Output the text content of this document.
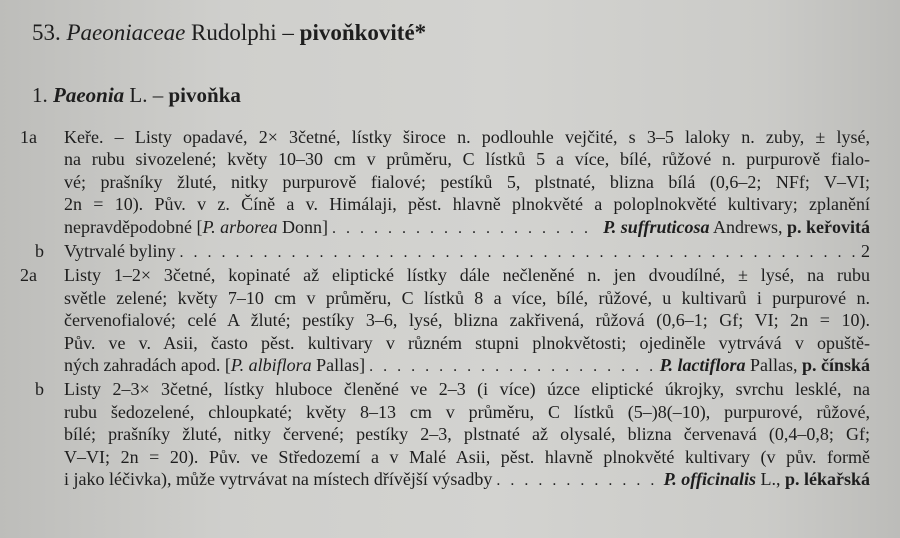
53. Paeoniaceae Rudolphi – pivoňkovité*
1. Paeonia L. – pivoňka
1a	Keře. – Listy opadavé, 2× 3četné, lístky široce n. podlouhle vejčité, s 3–5 laloky n. zuby, ± lysé,
na rubu sivozelené; květy 10–30 cm v průměru, C lístků 5 a více, bílé, růžové n. purpurově fialo-
vé; prašníky žluté, nitky purpurově fialové; pestíků 5, plstnaté, blizna bílá (0,6–2; NFf; V–VI;
2n = 10). Pův. v z. Číně a v. Himálaji, pěst. hlavně plnokvěté a poloplnokvěté kultivary; zplanění
nepravděpodobné [P. arborea Donn] . . .	P. suffruticosa Andrews, p. keřovitá
b	Vytrvalé byliny . . .	2
2a	Listy 1–2× 3četné, kopinaté až eliptické lístky dále nečleněné n. jen dvoudílné, ± lysé, na rubu
světle zelené; květy 7–10 cm v průměru, C lístků 8 a více, bílé, růžové, u kultivarů i purpurové n.
červenofialové; celé A žluté; pestíky 3–6, lysé, blizna zakřivená, růžová (0,6–1; Gf; VI; 2n = 10).
Pův. ve v. Asii, často pěst. kultivary v různém stupni plnokvětosti; ojediněle vytrvává v opuště-
ných zahradách apod. [P. albiflora Pallas] . . .	P. lactiflora Pallas, p. čínská
b	Listy 2–3× 3četné, lístky hluboce členěné ve 2–3 (i více) úzce eliptické úkrojky, svrchu lesklé, na
rubu šedozelené, chloupkaté; květy 8–13 cm v průměru, C lístků (5–)8(–10), purpurové, růžové,
bílé; prašníky žluté, nitky červené; pestíky 2–3, plstnaté až olysalé, blizna červenavá (0,4–0,8; Gf;
V–VI; 2n = 20). Pův. ve Středozemí a v Malé Asii, pěst. hlavně plnokvěté kultivary (v pův. formě
i jako léčivka), může vytrvávat na místech dřívější výsadby . . .	P. officinalis L., p. lékařská
